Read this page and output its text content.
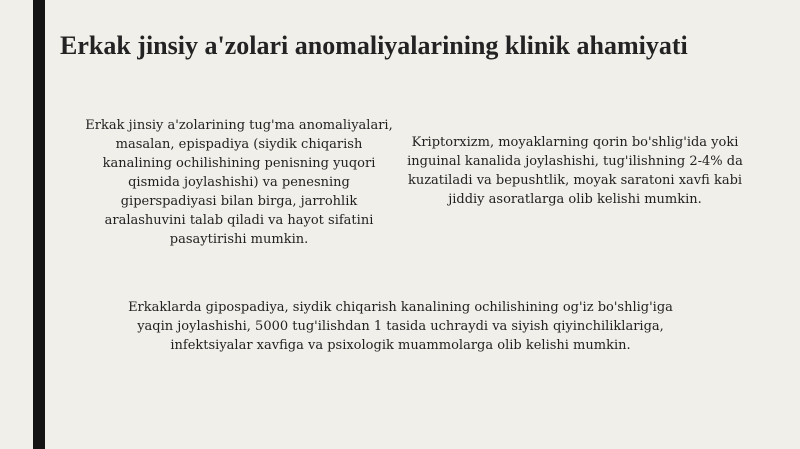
Erkak jinsiy a'zolari anomaliyalarining klinik ahamiyati

Erkak jinsiy a'zolarining tug'ma anomaliyalari, masalan, epispadiya (siydik chiqarish kanalining ochilishining penisning yuqori qismida joylashishi) va penesning giperspadiyasi bilan birga, jarrohlik aralashuvini talab qiladi va hayot sifatini pasaytirishi mumkin.

Kriptorxizm, moyaklarning qorin bo'shlig'ida yoki inguinal kanalida joylashishi, tug'ilishning 2-4% da kuzatiladi va bepushtlik, moyak saratoni xavfi kabi jiddiy asoratlarga olib kelishi mumkin.

Erkaklarda gipospadiya, siydik chiqarish kanalining ochilishining og'iz bo'shlig'iga yaqin joylashishi, 5000 tug'ilishdan 1 tasida uchraydi va siyish qiyinchiliklariga, infektsiyalar xavfiga va psixologik muammolarga olib kelishi mumkin.
